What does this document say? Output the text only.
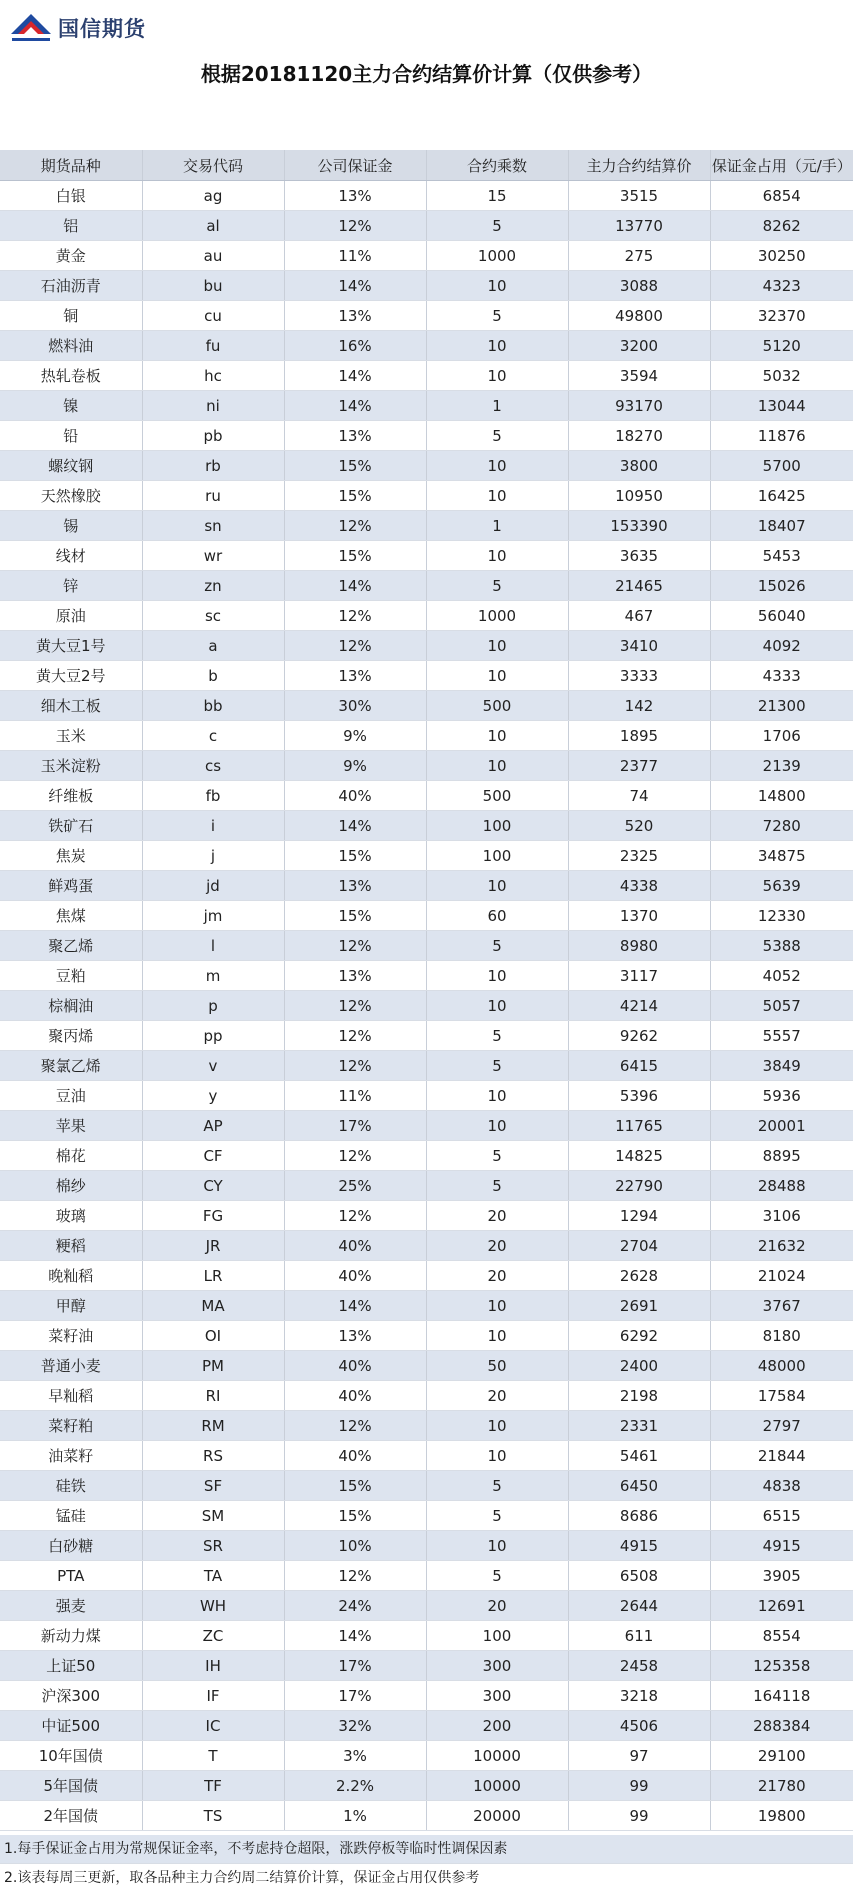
国信期货
根据20181120主力合约结算价计算（仅供参考）
期货品种	交易代码	公司保证金	合约乘数	主力合约结算价	保证金占用（元/手）
白银	ag	13%	15	3515	6854
铝	al	12%	5	13770	8262
黄金	au	11%	1000	275	30250
石油沥青	bu	14%	10	3088	4323
铜	cu	13%	5	49800	32370
燃料油	fu	16%	10	3200	5120
热轧卷板	hc	14%	10	3594	5032
镍	ni	14%	1	93170	13044
铅	pb	13%	5	18270	11876
螺纹钢	rb	15%	10	3800	5700
天然橡胶	ru	15%	10	10950	16425
锡	sn	12%	1	153390	18407
线材	wr	15%	10	3635	5453
锌	zn	14%	5	21465	15026
原油	sc	12%	1000	467	56040
黄大豆1号	a	12%	10	3410	4092
黄大豆2号	b	13%	10	3333	4333
细木工板	bb	30%	500	142	21300
玉米	c	9%	10	1895	1706
玉米淀粉	cs	9%	10	2377	2139
纤维板	fb	40%	500	74	14800
铁矿石	i	14%	100	520	7280
焦炭	j	15%	100	2325	34875
鲜鸡蛋	jd	13%	10	4338	5639
焦煤	jm	15%	60	1370	12330
聚乙烯	l	12%	5	8980	5388
豆粕	m	13%	10	3117	4052
棕榈油	p	12%	10	4214	5057
聚丙烯	pp	12%	5	9262	5557
聚氯乙烯	v	12%	5	6415	3849
豆油	y	11%	10	5396	5936
苹果	AP	17%	10	11765	20001
棉花	CF	12%	5	14825	8895
棉纱	CY	25%	5	22790	28488
玻璃	FG	12%	20	1294	3106
粳稻	JR	40%	20	2704	21632
晚籼稻	LR	40%	20	2628	21024
甲醇	MA	14%	10	2691	3767
菜籽油	OI	13%	10	6292	8180
普通小麦	PM	40%	50	2400	48000
早籼稻	RI	40%	20	2198	17584
菜籽粕	RM	12%	10	2331	2797
油菜籽	RS	40%	10	5461	21844
硅铁	SF	15%	5	6450	4838
锰硅	SM	15%	5	8686	6515
白砂糖	SR	10%	10	4915	4915
PTA	TA	12%	5	6508	3905
强麦	WH	24%	20	2644	12691
新动力煤	ZC	14%	100	611	8554
上证50	IH	17%	300	2458	125358
沪深300	IF	17%	300	3218	164118
中证500	IC	32%	200	4506	288384
10年国债	T	3%	10000	97	29100
5年国债	TF	2.2%	10000	99	21780
2年国债	TS	1%	20000	99	19800
1.每手保证金占用为常规保证金率，不考虑持仓超限，涨跌停板等临时性调保因素
2.该表每周三更新，取各品种主力合约周二结算价计算，保证金占用仅供参考
